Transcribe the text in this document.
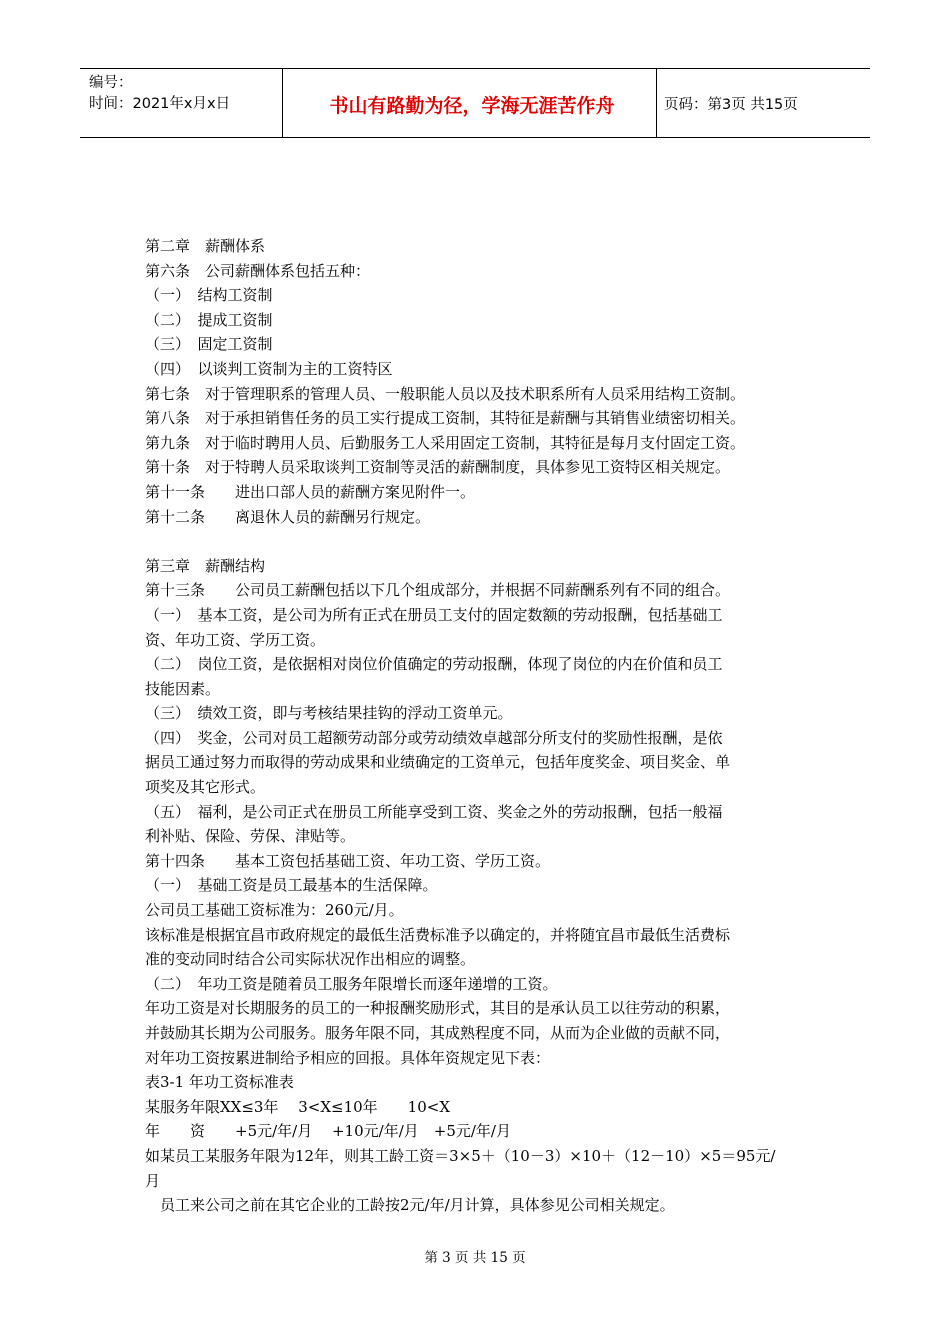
编号：
时间：2021年x月x日	书山有路勤为径，学海无涯苦作舟	页码：第3页 共15页
第二章　薪酬体系
第六条　公司薪酬体系包括五种：
（一）　结构工资制
（二）　提成工资制
（三）　固定工资制
（四）　以谈判工资制为主的工资特区
第七条　对于管理职系的管理人员、一般职能人员以及技术职系所有人员采用结构工资制。
第八条　对于承担销售任务的员工实行提成工资制，其特征是薪酬与其销售业绩密切相关。
第九条　对于临时聘用人员、后勤服务工人采用固定工资制，其特征是每月支付固定工资。
第十条　对于特聘人员采取谈判工资制等灵活的薪酬制度，具体参见工资特区相关规定。
第十一条　　进出口部人员的薪酬方案见附件一。
第十二条　　离退休人员的薪酬另行规定。
第三章　薪酬结构
第十三条　　公司员工薪酬包括以下几个组成部分，并根据不同薪酬系列有不同的组合。
（一）　基本工资，是公司为所有正式在册员工支付的固定数额的劳动报酬，包括基础工
资、年功工资、学历工资。
（二）　岗位工资，是依据相对岗位价值确定的劳动报酬，体现了岗位的内在价值和员工
技能因素。
（三）　绩效工资，即与考核结果挂钩的浮动工资单元。
（四）　奖金，公司对员工超额劳动部分或劳动绩效卓越部分所支付的奖励性报酬，是依
据员工通过努力而取得的劳动成果和业绩确定的工资单元，包括年度奖金、项目奖金、单
项奖及其它形式。
（五）　福利，是公司正式在册员工所能享受到工资、奖金之外的劳动报酬，包括一般福
利补贴、保险、劳保、津贴等。
第十四条　　基本工资包括基础工资、年功工资、学历工资。
（一）　基础工资是员工最基本的生活保障。
公司员工基础工资标准为：260元/月。
该标准是根据宜昌市政府规定的最低生活费标准予以确定的，并将随宜昌市最低生活费标
准的变动同时结合公司实际状况作出相应的调整。
（二）　年功工资是随着员工服务年限增长而逐年递增的工资。
年功工资是对长期服务的员工的一种报酬奖励形式，其目的是承认员工以往劳动的积累，
并鼓励其长期为公司服务。服务年限不同，其成熟程度不同，从而为企业做的贡献不同，
对年功工资按累进制给予相应的回报。具体年资规定见下表：
表3-1 年功工资标准表
某服务年限XX≤3年  3<X≤10年  10<X
年  资  +5元/年/月  +10元/年/月 +5元/年/月
如某员工某服务年限为12年，则其工龄工资＝3×5＋（10－3）×10＋（12－10）×5＝95元/
月
员工来公司之前在其它企业的工龄按2元/年/月计算，具体参见公司相关规定。
第 3 页 共 15 页
